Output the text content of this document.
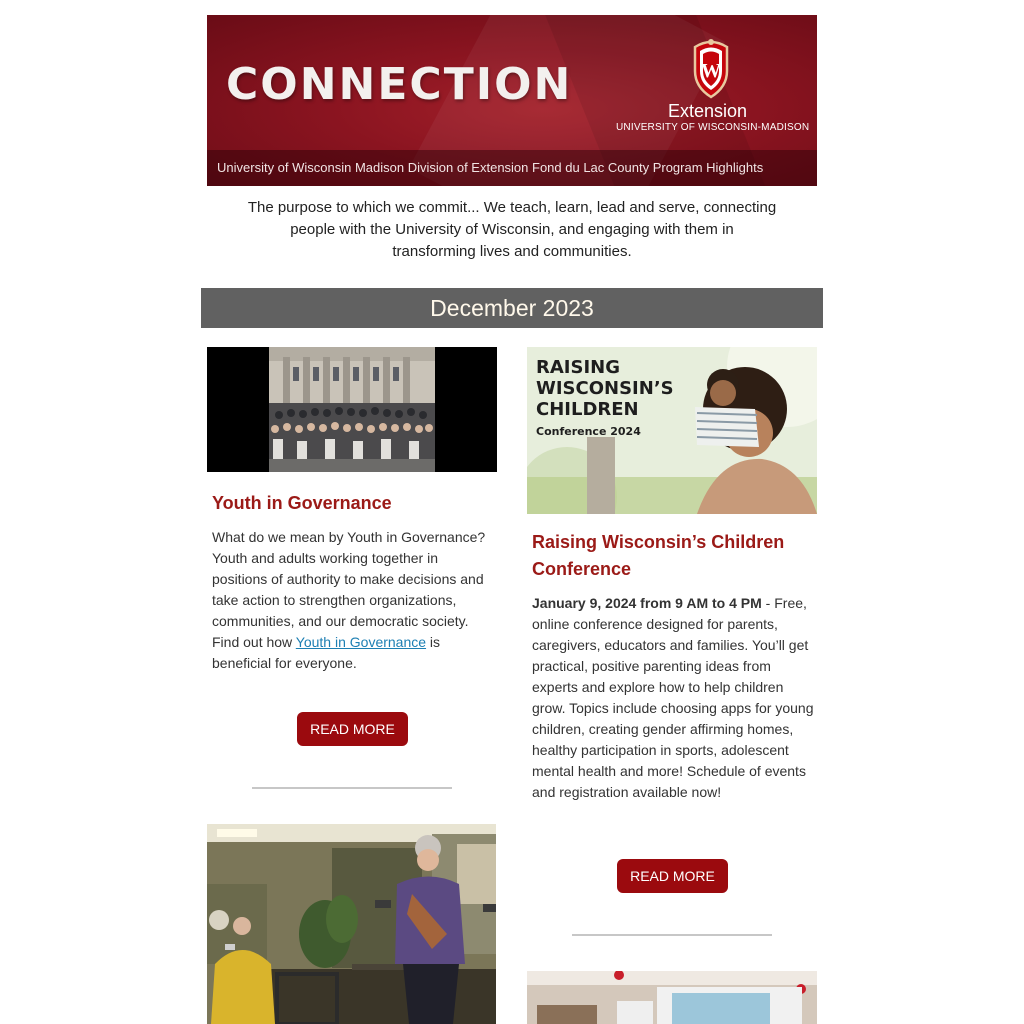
CONNECTION	W
Extension
UNIVERSITY OF WISCONSIN-MADISON
University of Wisconsin Madison Division of Extension Fond du Lac County Program Highlights
The purpose to which we commit... We teach, learn, lead and serve, connecting people with the University of Wisconsin, and engaging with them in transforming lives and communities.
December 2023
Youth in Governance
What do we mean by Youth in Governance? Youth and adults working together in positions of authority to make decisions and take action to strengthen organizations, communities, and our democratic society. Find out how Youth in Governance is beneficial for everyone.
READ MORE
RAISING
WISCONSIN’S
CHILDREN
Conference 2024
Raising Wisconsin’s Children Conference
January 9, 2024 from 9 AM to 4 PM - Free, online conference designed for parents, caregivers, educators and families. You’ll get practical, positive parenting ideas from experts and explore how to help children grow. Topics include choosing apps for young children, creating gender affirming homes, healthy participation in sports, adolescent mental health and more! Schedule of events and registration available now!
READ MORE
